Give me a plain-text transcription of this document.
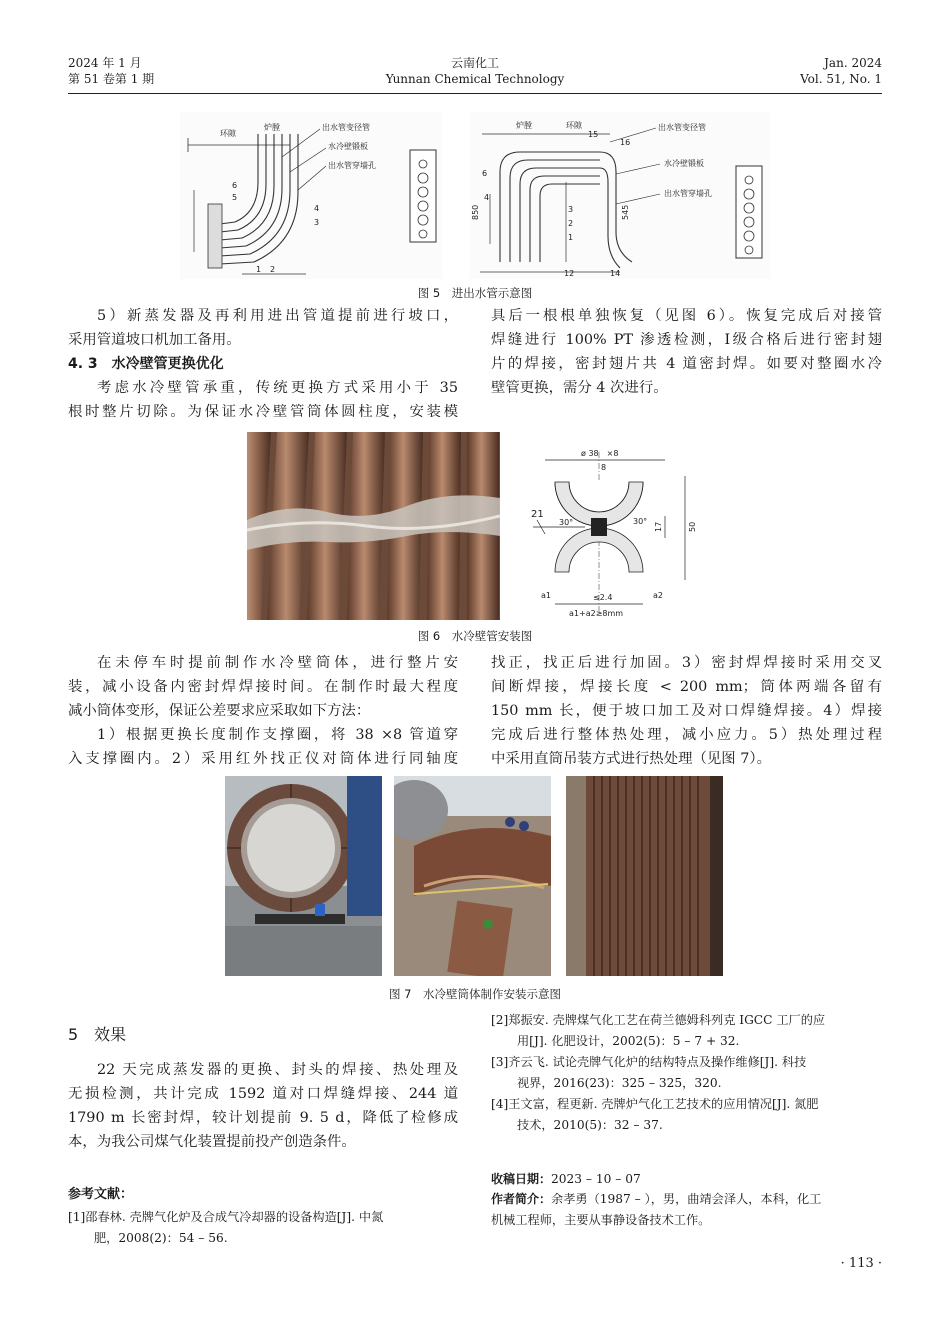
2024 年 1 月
第 51 卷第 1 期
云南化工
Yunnan Chemical Technology
Jan. 2024
Vol. 51, No. 1
环隙
炉膛	出水管变径管
水冷壁锻板
出水管穿墙孔
6
5
4
3
2
1
炉膛	环隙	出水管变径管
水冷壁锻板
出水管穿墙孔
15
16
6
4
3
2
1
12	14
850	545
图 5　进出水管示意图
5）新蒸发器及再利用进出管道提前进行坡口，
采用管道坡口机加工备用。
4. 3　水冷壁管更换优化
考虑水冷壁管承重，传统更换方式采用小于 35
根时整片切除。为保证水冷壁管筒体圆柱度，安装模
具后一根根单独恢复（见图 6）。恢复完成后对接管
焊缝进行 100% PT 渗透检测，Ⅰ级合格后进行密封翅
片的焊接，密封翅片共 4 道密封焊。如要对整圈水冷
壁管更换，需分 4 次进行。
ø 38　×8
8
21
30°	30°
17	50
a1	a2
≤2.4
a1+a2≥8mm
图 6　水冷壁管安装图
在未停车时提前制作水冷壁筒体，进行整片安
装，减小设备内密封焊焊接时间。在制作时最大程度
减小筒体变形，保证公差要求应采取如下方法：
1）根据更换长度制作支撑圈，将 38 ×8 管道穿
入支撑圈内。2）采用红外找正仪对筒体进行同轴度
找正，找正后进行加固。3）密封焊焊接时采用交叉
间断焊接，焊接长度 < 200 mm；筒体两端各留有
150 mm 长，便于坡口加工及对口焊缝焊接。4）焊接
完成后进行整体热处理，减小应力。5）热处理过程
中采用直筒吊装方式进行热处理（见图 7）。
图 7　水冷壁筒体制作安装示意图
5　效果
22 天完成蒸发器的更换、封头的焊接、热处理及
无损检测，共计完成 1592 道对口焊缝焊接、244 道
1790 m 长密封焊，较计划提前 9. 5 d，降低了检修成
本，为我公司煤气化装置提前投产创造条件。
参考文献：
[1]邵春林. 壳牌气化炉及合成气冷却器的设备构造[J]. 中氮
肥，2008(2)：54 – 56.
[2]郑振安. 壳牌煤气化工艺在荷兰德姆科列克 IGCC 工厂的应
用[J]. 化肥设计，2002(5)：5 – 7 + 32.
[3]齐云飞. 试论壳牌气化炉的结构特点及操作维修[J]. 科技
视界，2016(23)：325 – 325，320.
[4]王文富，程更新. 壳牌炉气化工艺技术的应用情况[J]. 氮肥
技术，2010(5)：32 – 37.
收稿日期：2023 – 10 – 07
作者简介：余孝勇（1987 – ），男，曲靖会泽人，本科，化工
机械工程师，主要从事静设备技术工作。
· 113 ·
